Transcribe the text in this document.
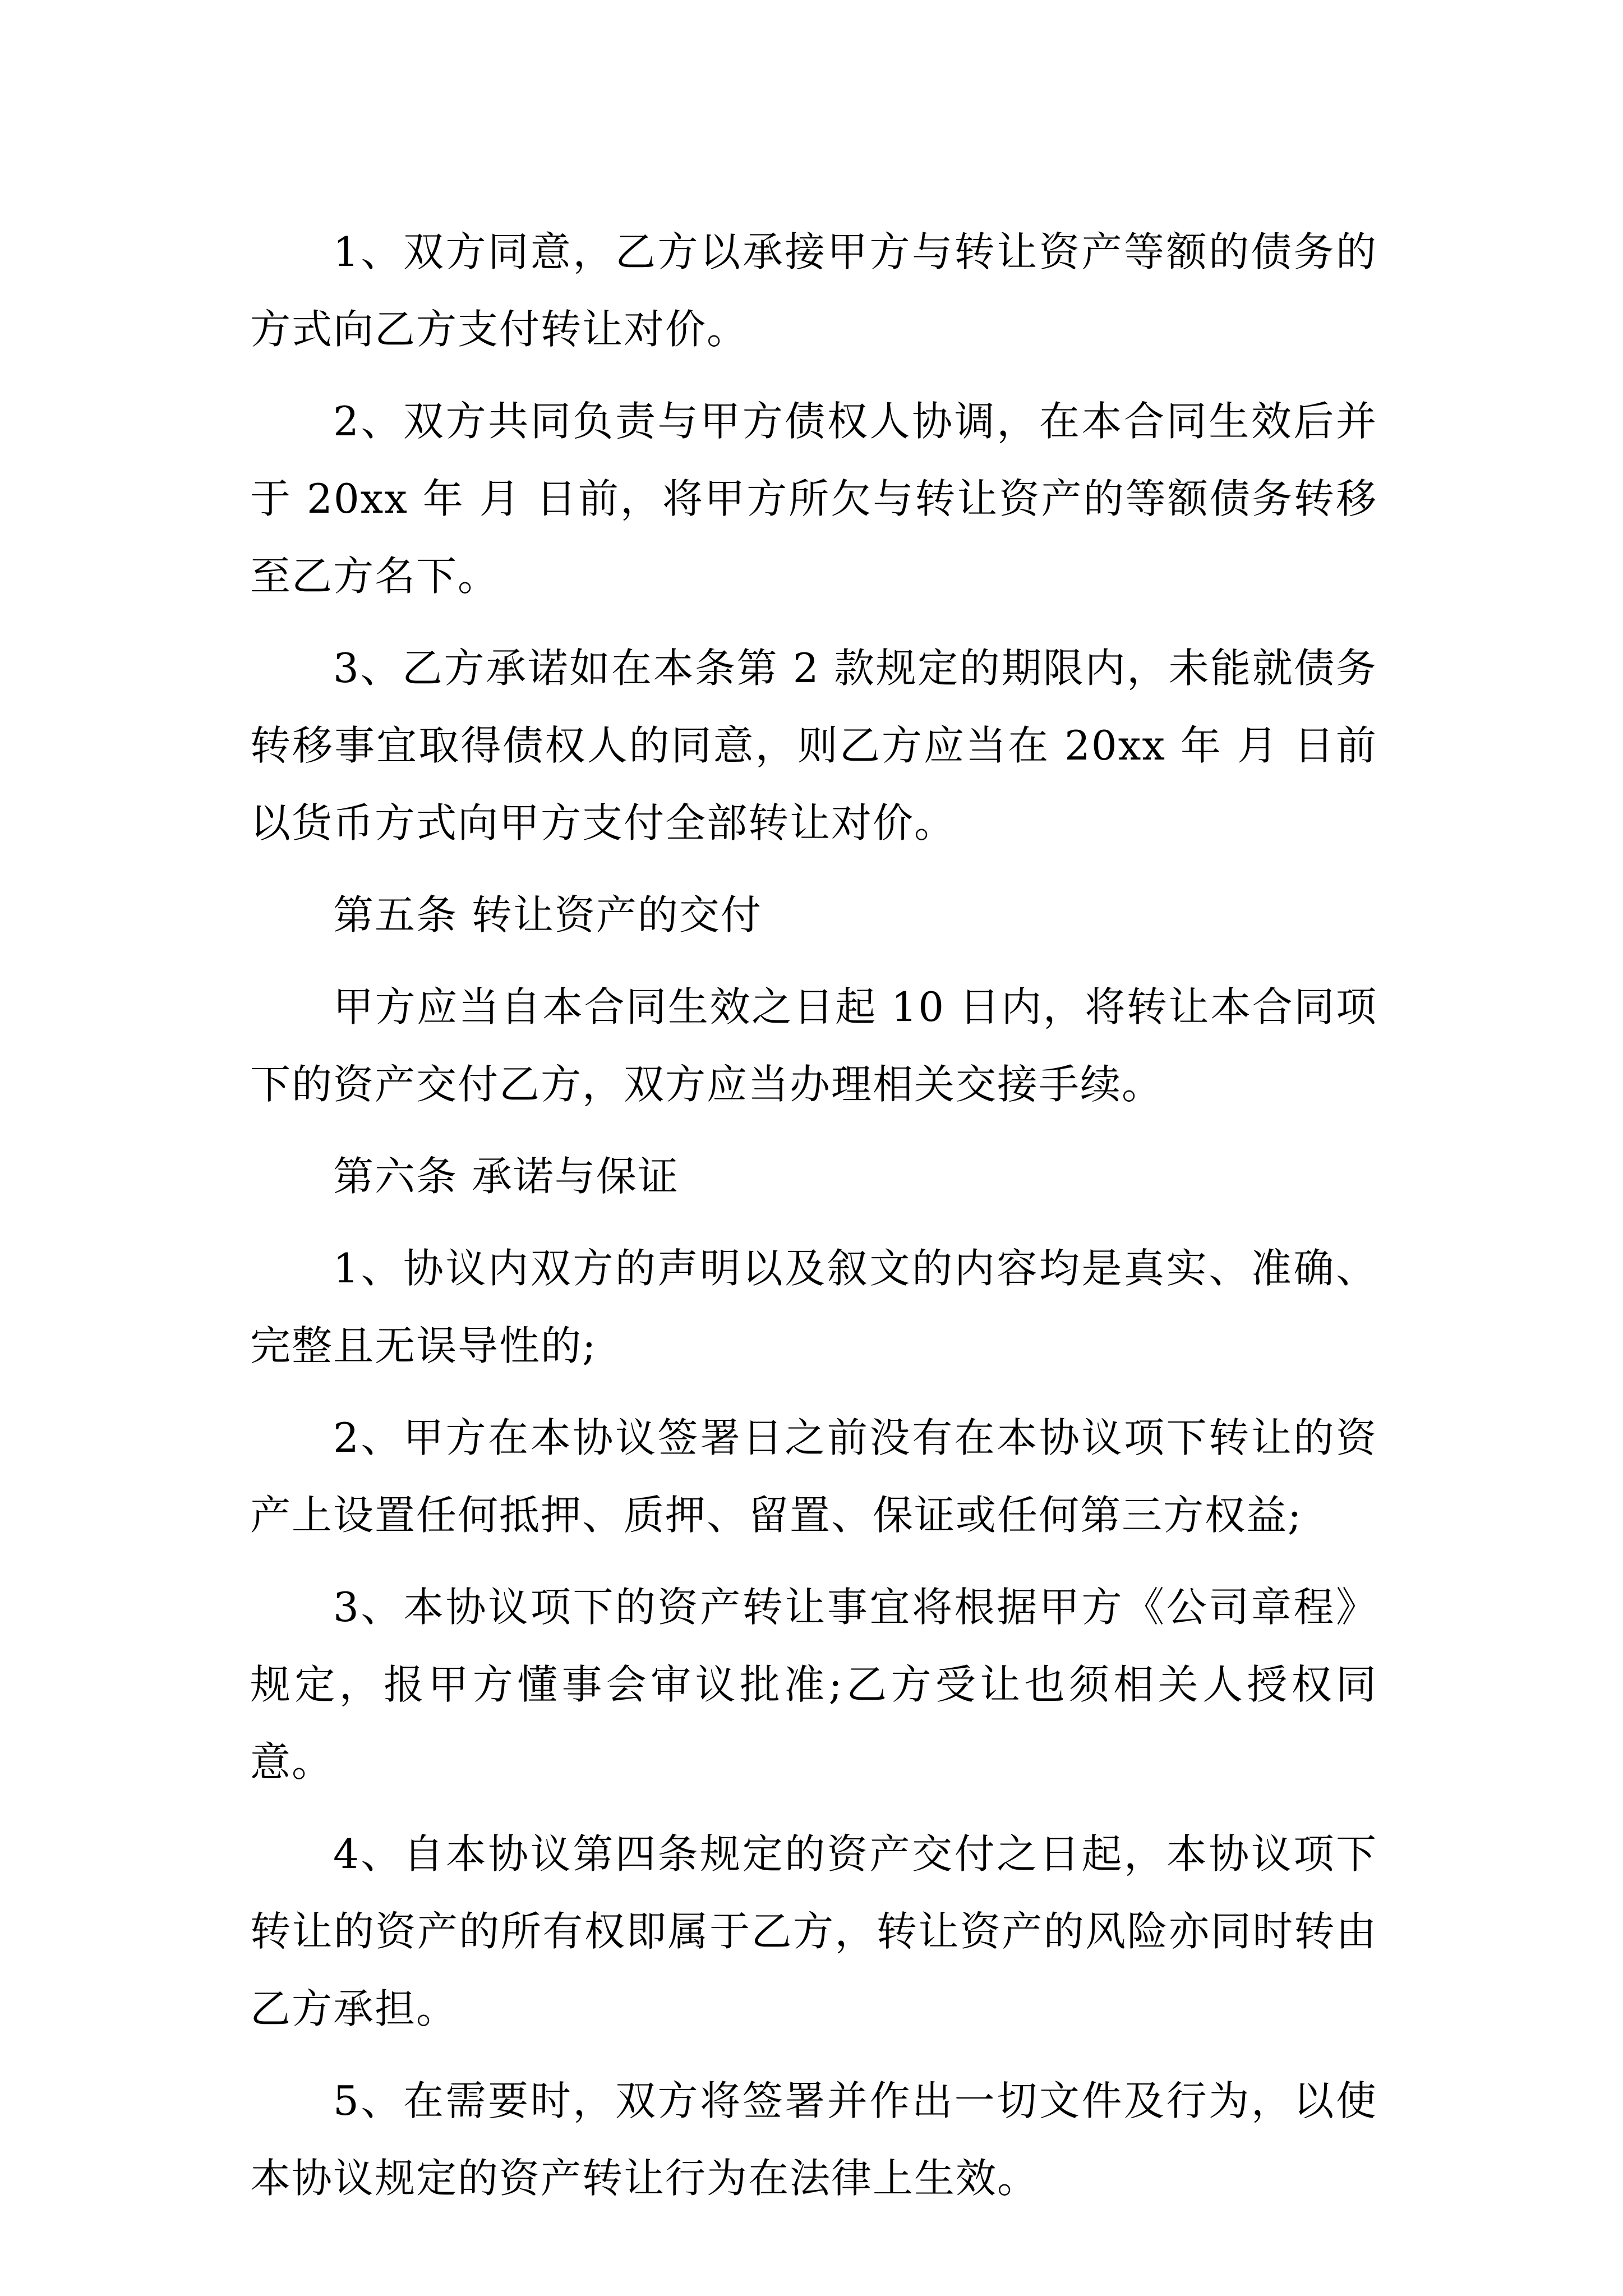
1、双方同意，乙方以承接甲方与转让资产等额的债务的方式向乙方支付转让对价。

2、双方共同负责与甲方债权人协调，在本合同生效后并于 20xx 年 月 日前，将甲方所欠与转让资产的等额债务转移至乙方名下。

3、乙方承诺如在本条第 2 款规定的期限内，未能就债务转移事宜取得债权人的同意，则乙方应当在 20xx 年 月 日前以货币方式向甲方支付全部转让对价。

第五条 转让资产的交付

甲方应当自本合同生效之日起 10 日内，将转让本合同项下的资产交付乙方，双方应当办理相关交接手续。

第六条 承诺与保证

1、协议内双方的声明以及叙文的内容均是真实、准确、完整且无误导性的;

2、甲方在本协议签署日之前没有在本协议项下转让的资产上设置任何抵押、质押、留置、保证或任何第三方权益;

3、本协议项下的资产转让事宜将根据甲方《公司章程》规定，报甲方懂事会审议批准;乙方受让也须相关人授权同意。

4、自本协议第四条规定的资产交付之日起，本协议项下转让的资产的所有权即属于乙方，转让资产的风险亦同时转由乙方承担。

5、在需要时，双方将签署并作出一切文件及行为，以使本协议规定的资产转让行为在法律上生效。
